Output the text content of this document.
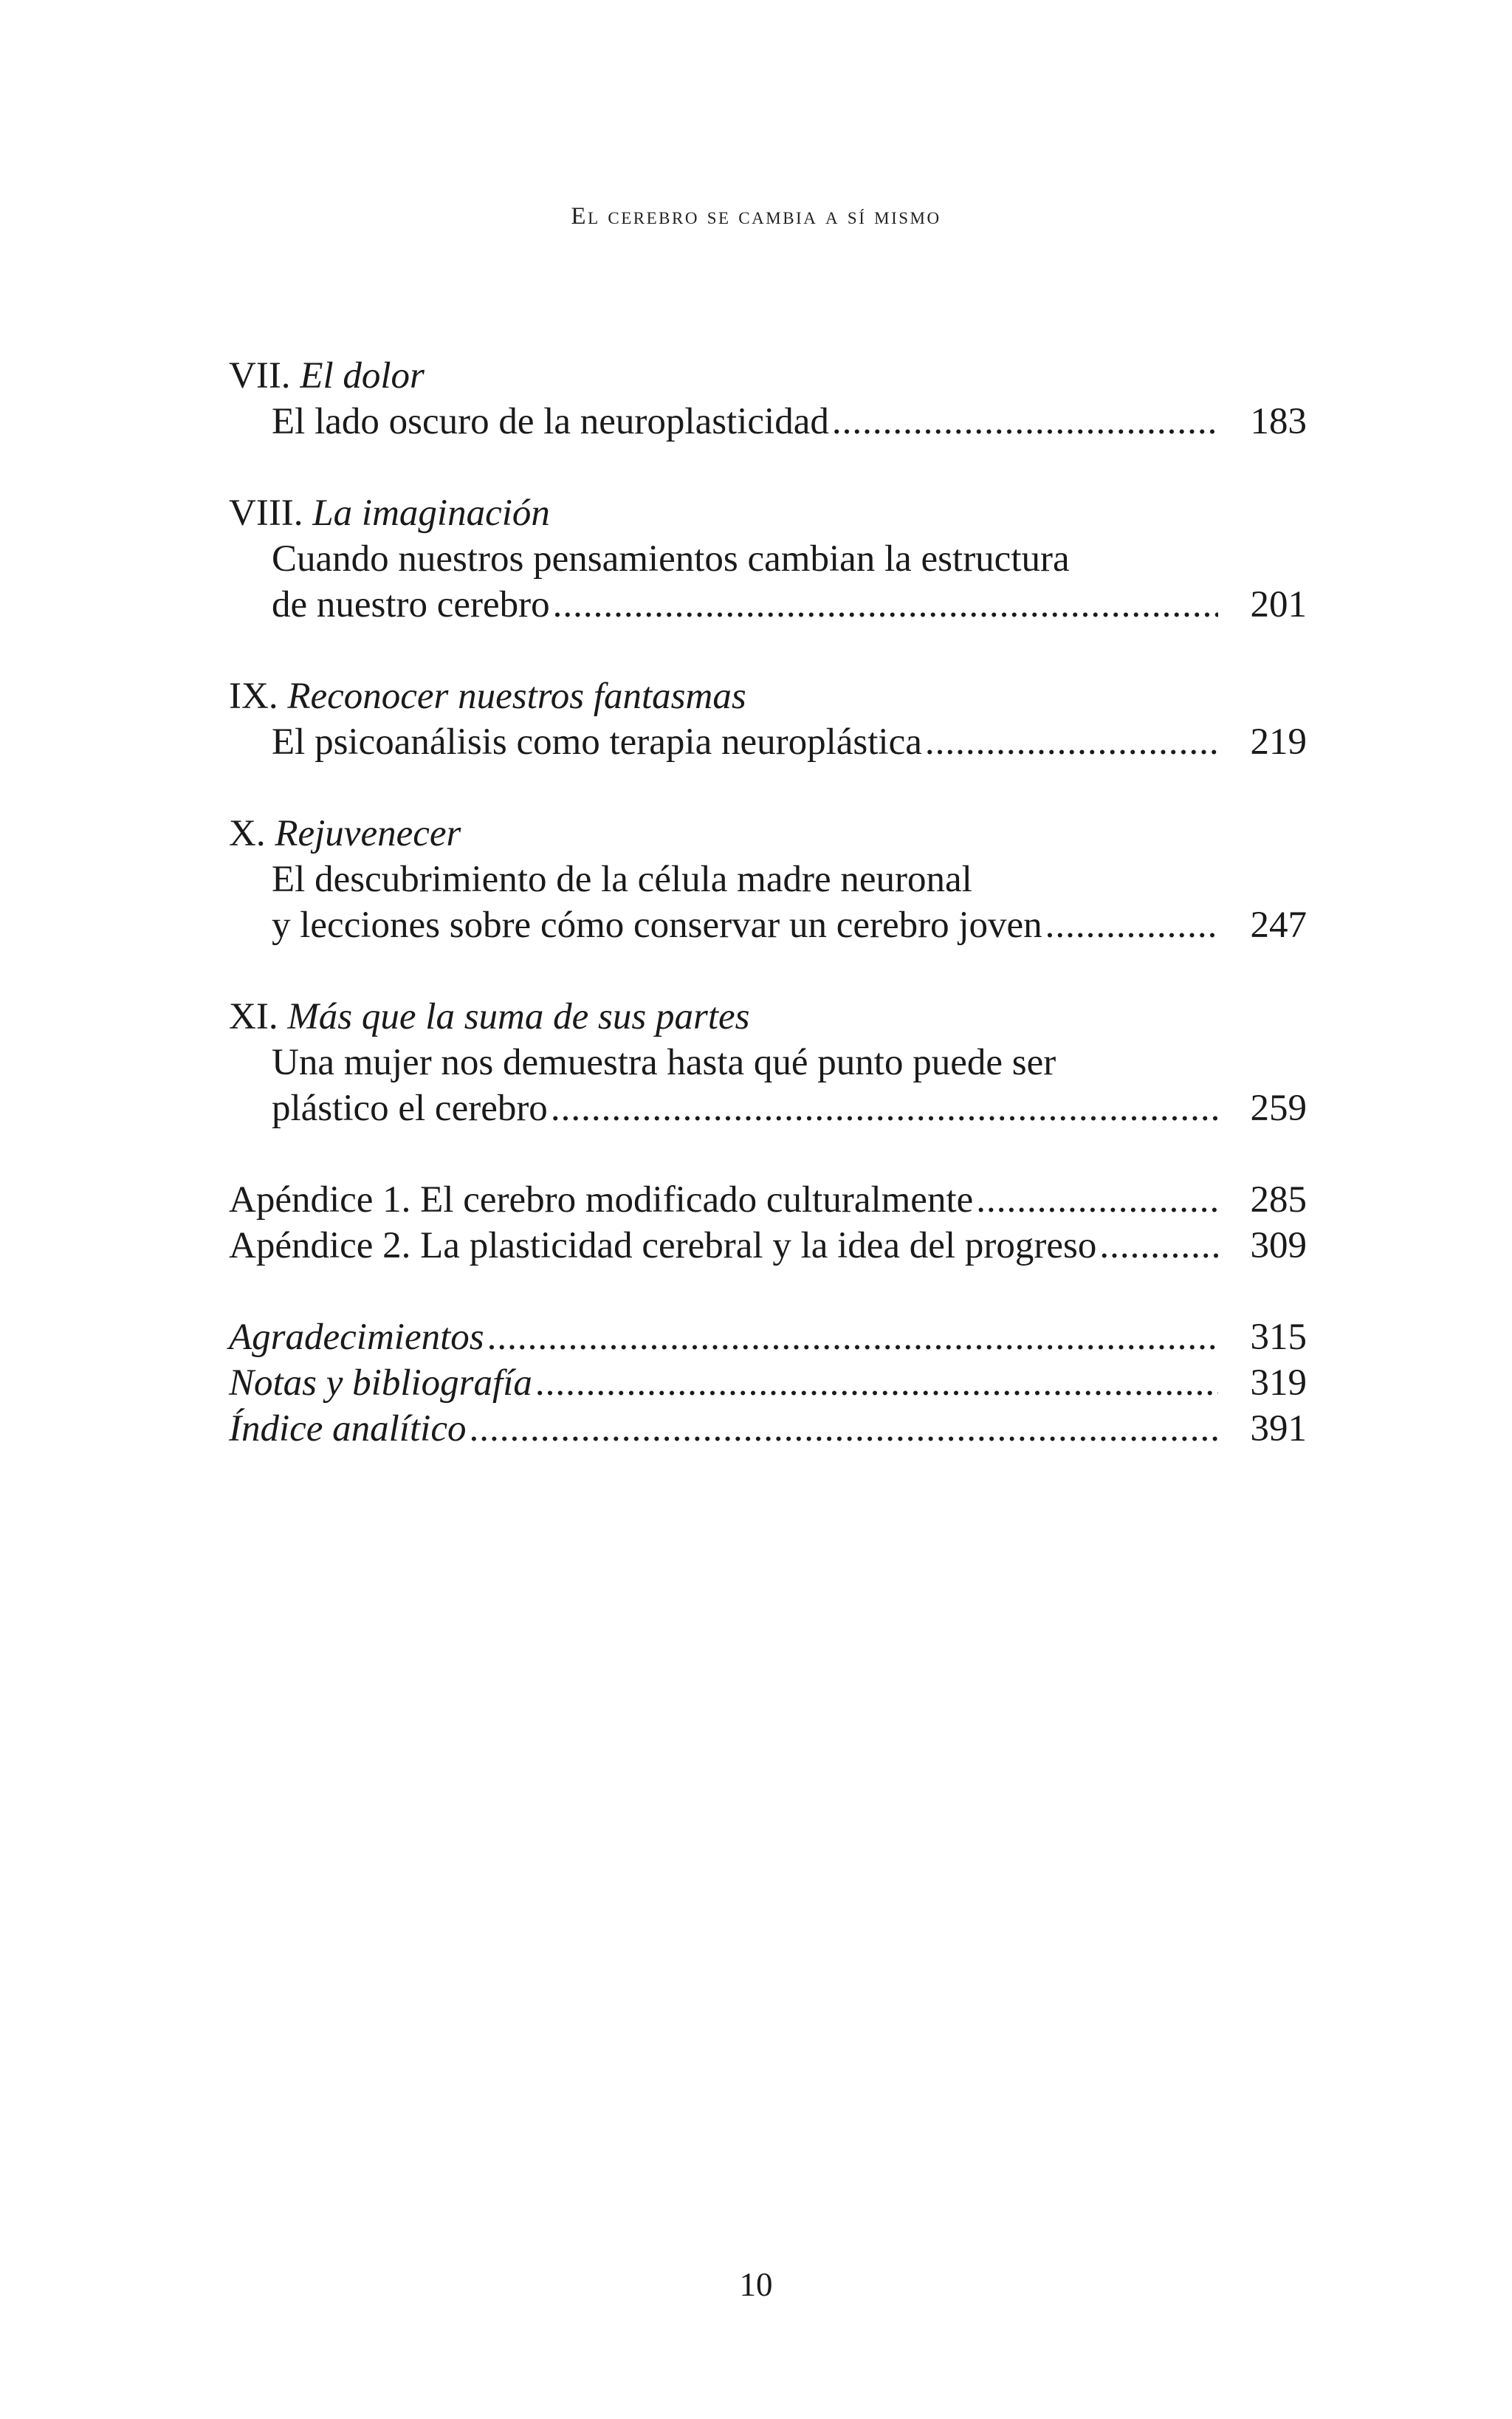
El cerebro se cambia a sí mismo
VII. El dolor
El lado oscuro de la neuroplasticidad .....	183
VIII. La imaginación
Cuando nuestros pensamientos cambian la estructura
de nuestro cerebro .....	201
IX. Reconocer nuestros fantasmas
El psicoanálisis como terapia neuroplástica .....	219
X. Rejuvenecer
El descubrimiento de la célula madre neuronal
y lecciones sobre cómo conservar un cerebro joven .....	247
XI. Más que la suma de sus partes
Una mujer nos demuestra hasta qué punto puede ser
plástico el cerebro .....	259
Apéndice 1. El cerebro modificado culturalmente .....	285
Apéndice 2. La plasticidad cerebral y la idea del progreso .....	309
Agradecimientos .....	315
Notas y bibliografía .....	319
Índice analítico .....	391
10
